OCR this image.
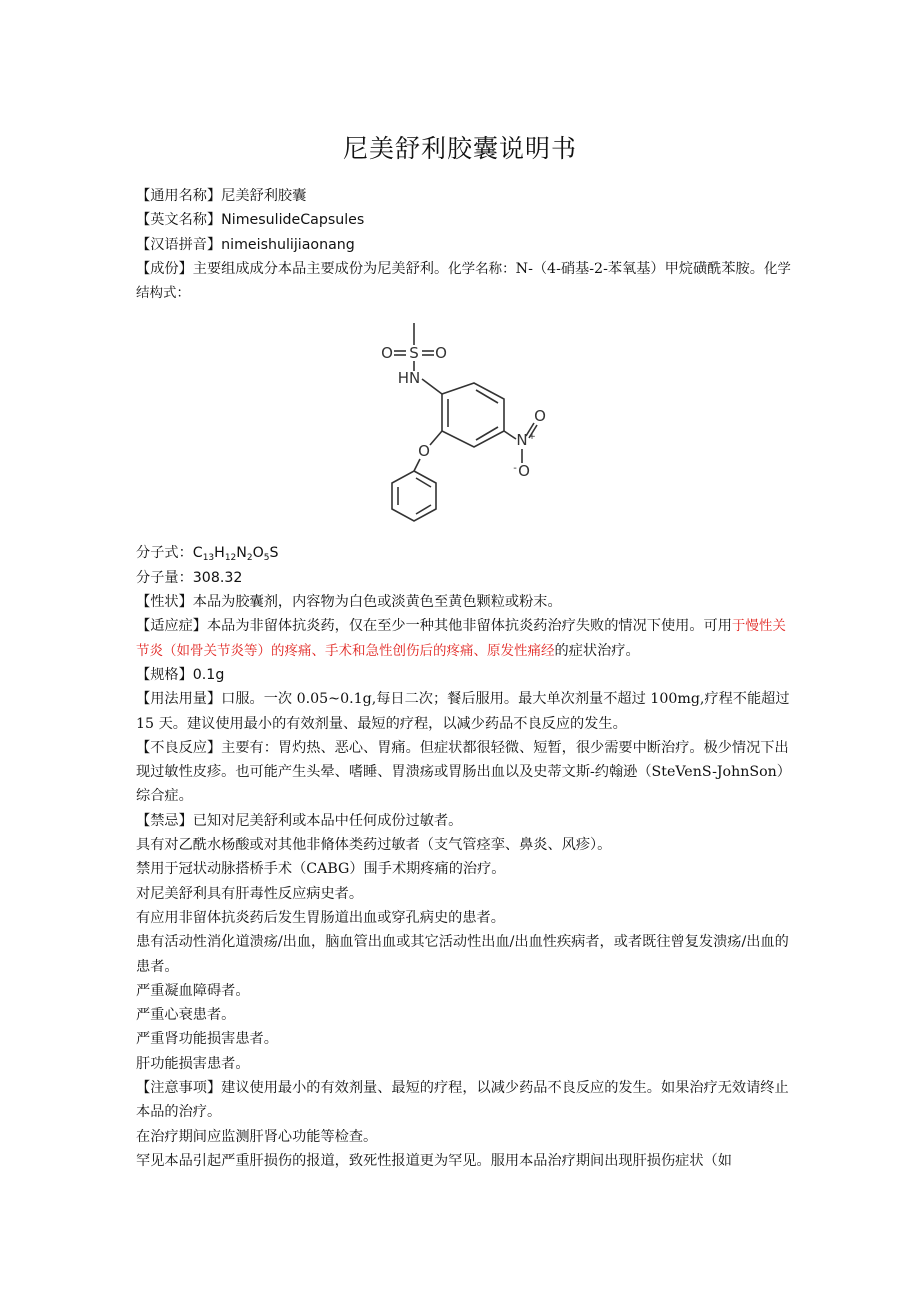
尼美舒利胶囊说明书
【通用名称】尼美舒利胶囊
【英文名称】NimesulideCapsules
【汉语拼音】nimeishulijiaonang
【成份】主要组成成分本品主要成份为尼美舒利。化学名称：N-（4-硝基-2-苯氧基）甲烷磺酰苯胺。化学结构式：
O S O
HN
N +
O
O
-
O
分子式：$C_{13}H_{12}N_2O_5S$
分子量：308.32
【性状】本品为胶囊剂，内容物为白色或淡黄色至黄色颗粒或粉末。
【适应症】本品为非留体抗炎药，仅在至少一种其他非留体抗炎药治疗失败的情况下使用。可用于慢性关节炎（如骨关节炎等）的疼痛、手术和急性创伤后的疼痛、原发性痛经的症状治疗。
【规格】0.1g
【用法用量】口服。一次 0.05~0.1g,每日二次；餐后服用。最大单次剂量不超过 100mg,疗程不能超过 15 天。建议使用最小的有效剂量、最短的疗程，以减少药品不良反应的发生。
【不良反应】主要有：胃灼热、恶心、胃痛。但症状都很轻微、短暂，很少需要中断治疗。极少情况下出现过敏性皮疹。也可能产生头晕、嗜睡、胃溃疡或胃肠出血以及史蒂文斯-约翰逊（SteVenS-JohnSon）综合症。
【禁忌】已知对尼美舒利或本品中任何成份过敏者。
具有对乙酰水杨酸或对其他非脩体类药过敏者（支气管痉挛、鼻炎、风疹）。
禁用于冠状动脉搭桥手术（CABG）围手术期疼痛的治疗。
对尼美舒利具有肝毒性反应病史者。
有应用非留体抗炎药后发生胃肠道出血或穿孔病史的患者。
患有活动性消化道溃疡/出血，脑血管出血或其它活动性出血/出血性疾病者，或者既往曾复发溃疡/出血的患者。
严重凝血障碍者。
严重心衰患者。
严重肾功能损害患者。
肝功能损害患者。
【注意事项】建议使用最小的有效剂量、最短的疗程，以减少药品不良反应的发生。如果治疗无效请终止本品的治疗。
在治疗期间应监测肝肾心功能等检查。
罕见本品引起严重肝损伤的报道，致死性报道更为罕见。服用本品治疗期间出现肝损伤症状（如
